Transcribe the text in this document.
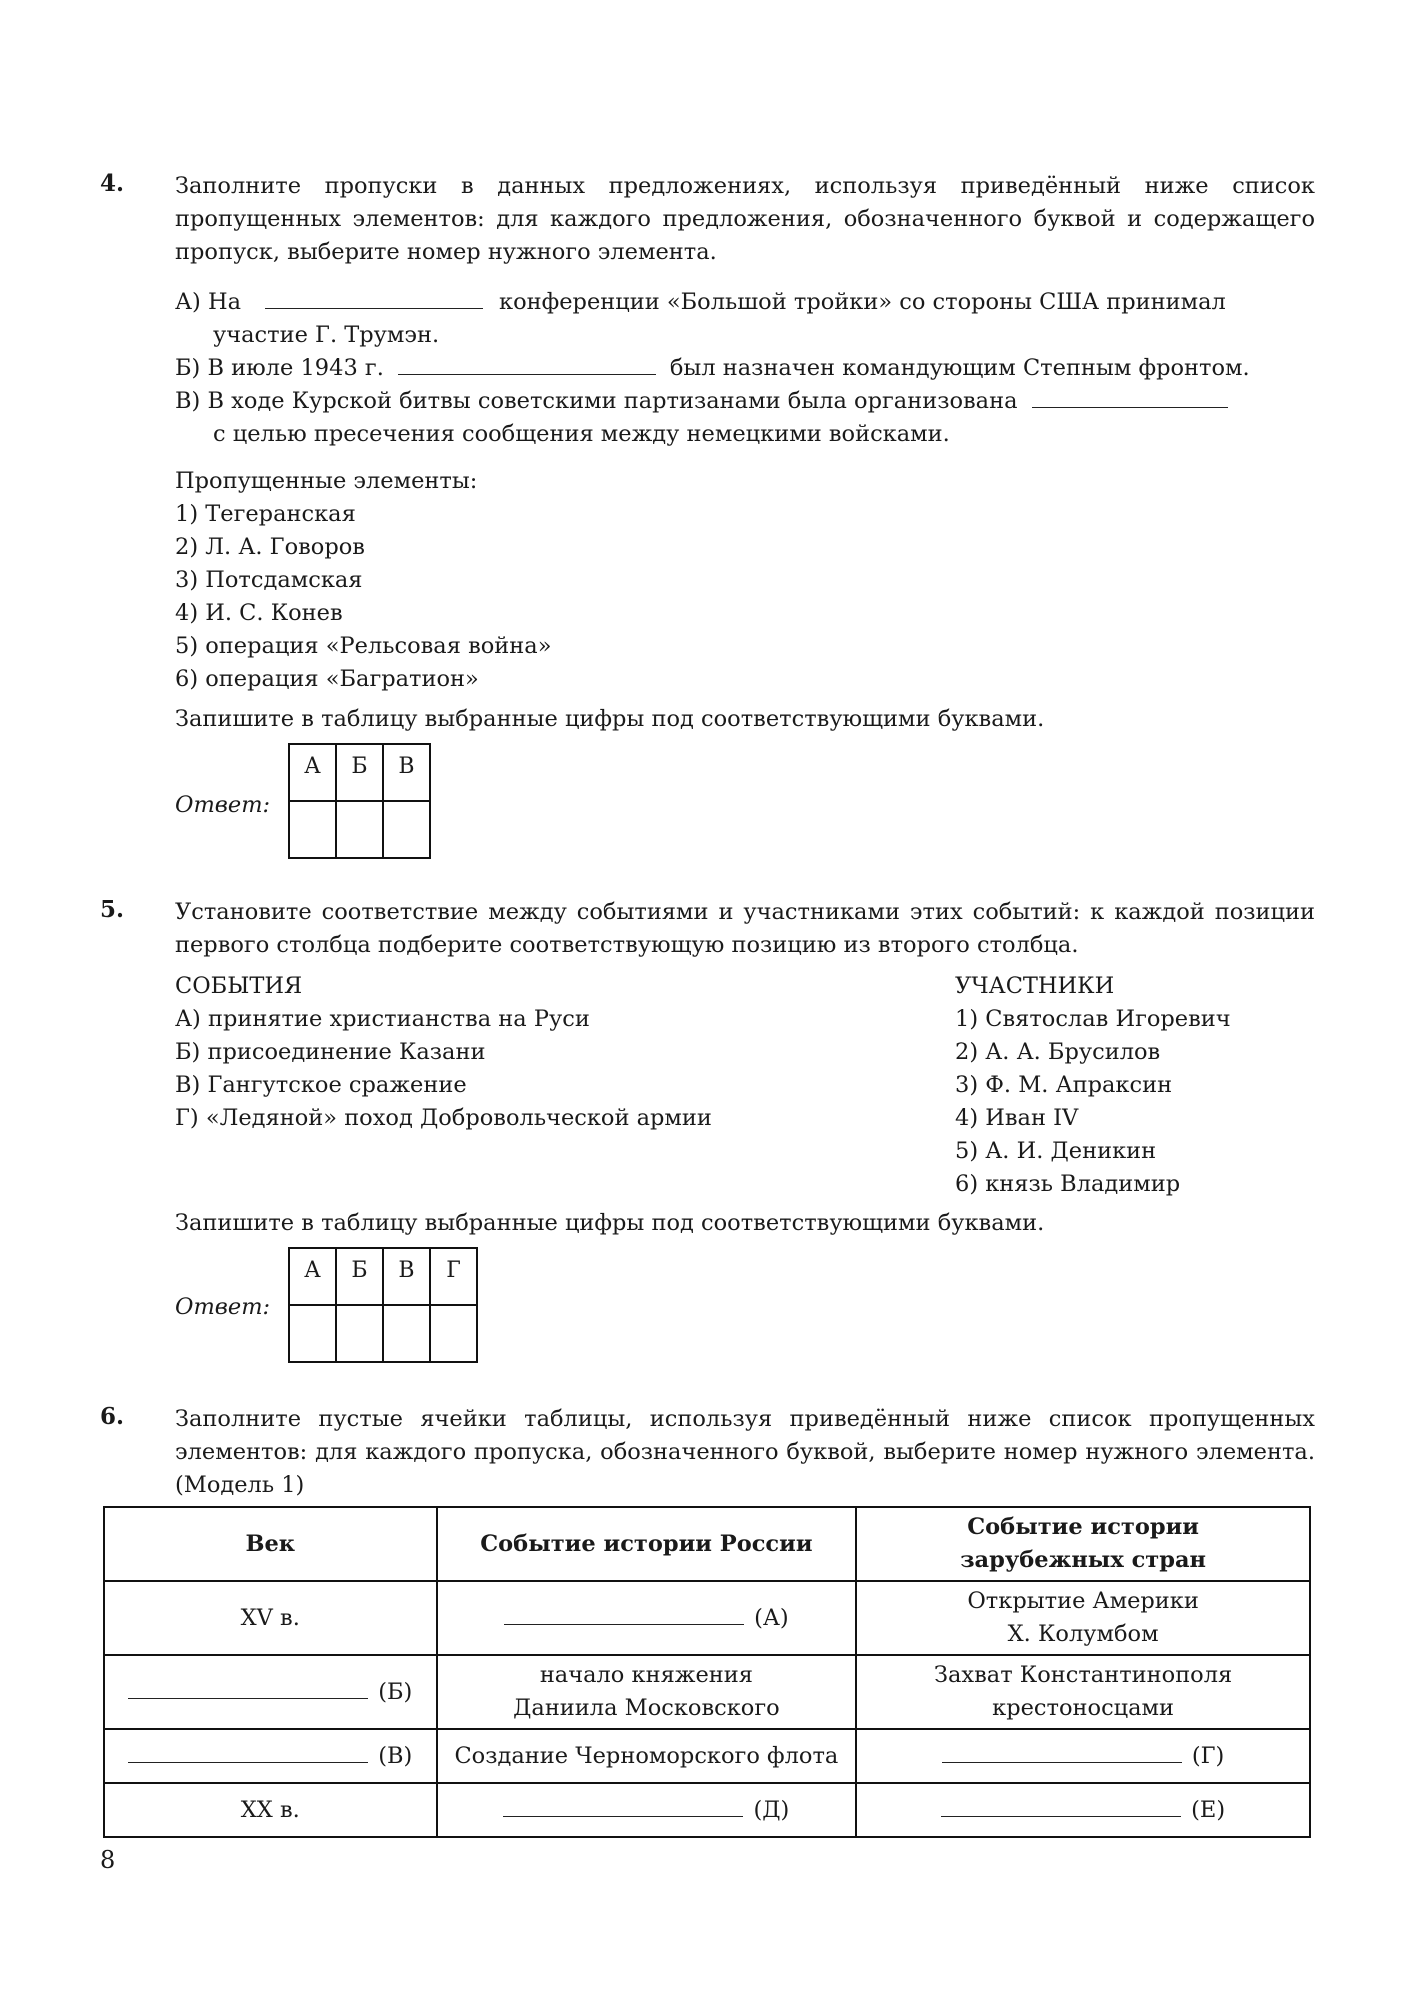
4. Заполните пропуски в данных предложениях, используя приведённый ниже список пропущенных элементов: для каждого предложения, обозначенного буквой и содержащего пропуск, выберите номер нужного элемента.

А) На	конференции «Большой тройки» со стороны США принимал
участие Г. Трумэн.
Б) В июле 1943 г.	был назначен командующим Степным фронтом.
В) В ходе Курской битвы советскими партизанами была организована
с целью пресечения сообщения между немецкими войсками.
Пропущенные элементы:
1) Тегеранская
2) Л. А. Говоров
3) Потсдамская
4) И. С. Конев
5) операция «Рельсовая война»
6) операция «Багратион»
Запишите в таблицу выбранные цифры под соответствующими буквами.
Ответ:
А	Б	В

5. Установите соответствие между событиями и участниками этих событий: к каждой позиции первого столбца подберите соответствующую позицию из второго столбца.

СОБЫТИЯ
А) принятие христианства на Руси
Б) присоединение Казани
В) Гангутское сражение
Г) «Ледяной» поход Добровольческой армии
УЧАСТНИКИ
1) Святослав Игоревич
2) А. А. Брусилов
3) Ф. М. Апраксин
4) Иван IV
5) А. И. Деникин
6) князь Владимир
Запишите в таблицу выбранные цифры под соответствующими буквами.
Ответ:
А	Б	В	Г

6. Заполните пустые ячейки таблицы, используя приведённый ниже список пропущенных элементов: для каждого пропуска, обозначенного буквой, выберите номер нужного элемента. (Модель 1)

Век	Событие истории России	Событие истории зарубежных стран
XV в.	(А)	Открытие Америки
Х. Колумбом
(Б)	начало княжения
Даниила Московского	Захват Константинополя
крестоносцами
(В)	Создание Черноморского флота	(Г)
XX в.	(Д)	(Е)
8
